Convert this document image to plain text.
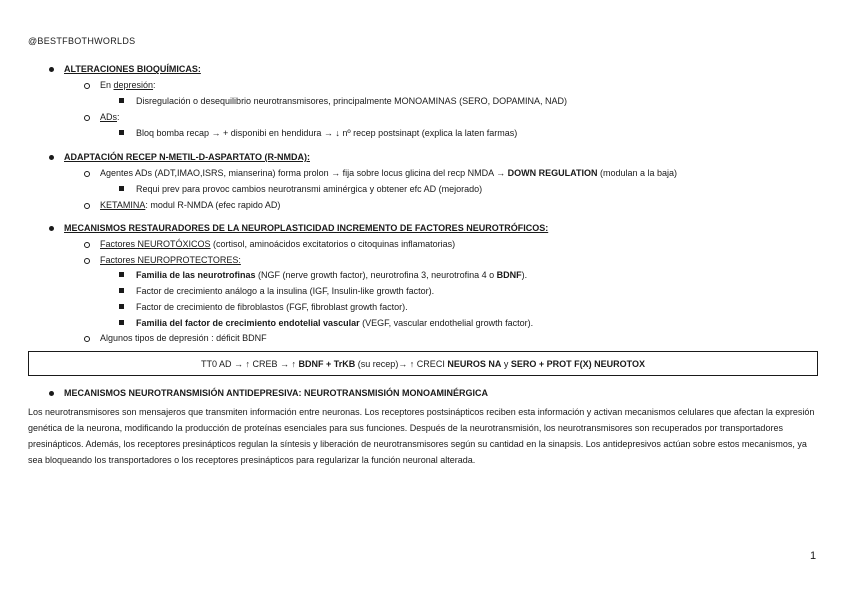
@BESTFBOTHWORLDS
ALTERACIONES BIOQUÍMICAS:
En depresión:
Disregulación o desequilibrio neurotransmisores, principalmente MONOAMINAS (SERO, DOPAMINA, NAD)
ADs:
Bloq bomba recap → + disponibi en hendidura → ↓ nº recep postsinapt (explica la laten farmas)
ADAPTACIÓN RECEP N-METIL-D-ASPARTATO (R-NMDA):
Agentes ADs (ADT,IMAO,ISRS, mianserina) forma prolon → fija sobre locus glicina del recp NMDA → DOWN REGULATION (modulan a la baja)
Requi prev para provoc cambios neurotransmi aminérgica y obtener efc AD (mejorado)
KETAMINA: modul R-NMDA (efec rapido AD)
MECANISMOS RESTAURADORES DE LA NEUROPLASTICIDAD INCREMENTO DE FACTORES NEUROTRÓFICOS:
Factores NEUROTÓXICOS (cortisol, aminoácidos excitatorios o citoquinas inflamatorias)
Factores NEUROPROTECTORES:
Familia de las neurotrofinas (NGF (nerve growth factor), neurotrofina 3, neurotrofina 4 o BDNF).
Factor de crecimiento análogo a la insulina (IGF, Insulin-like growth factor).
Factor de crecimiento de fibroblastos (FGF, fibroblast growth factor).
Familia del factor de crecimiento endotelial vascular (VEGF, vascular endothelial growth factor).
Algunos tipos de depresión : déficit BDNF
TT0 AD → ↑ CREB → ↑ BDNF + TrKB (su recep)→ ↑ CRECI NEUROS NA y SERO + PROT F(X) NEUROTOX
MECANISMOS NEUROTRANSMISIÓN ANTIDEPRESIVA: NEUROTRANSMISIÓN MONOAMINÉRGICA
Los neurotransmisores son mensajeros que transmiten información entre neuronas. Los receptores postsinápticos reciben esta información y activan mecanismos celulares que afectan la expresión genética de la neurona, modificando la producción de proteínas esenciales para sus funciones. Después de la neurotransmisión, los neurotransmisores son recuperados por transportadores presinápticos. Además, los receptores presinápticos regulan la síntesis y liberación de neurotransmisores según su cantidad en la sinapsis. Los antidepresivos actúan sobre estos mecanismos, ya sea bloqueando los transportadores o los receptores presinápticos para regularizar la función neuronal alterada.
1
